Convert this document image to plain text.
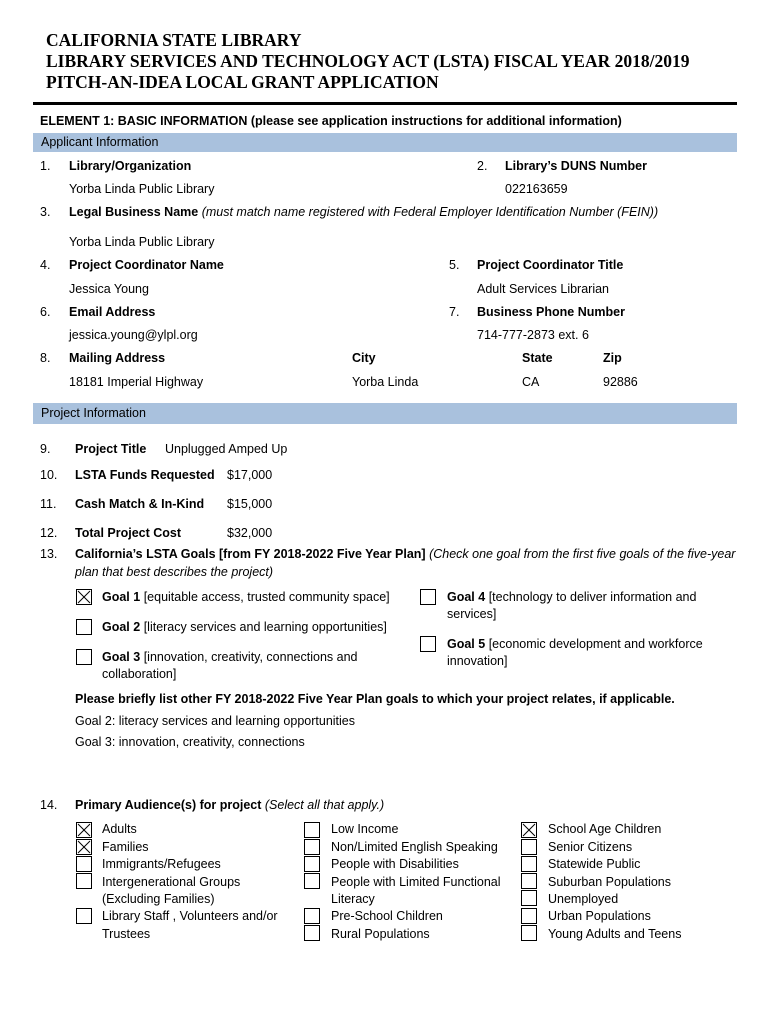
CALIFORNIA STATE LIBRARY
LIBRARY SERVICES AND TECHNOLOGY ACT (LSTA) FISCAL YEAR 2018/2019
PITCH-AN-IDEA LOCAL GRANT APPLICATION
ELEMENT 1: BASIC INFORMATION (please see application instructions for additional information)
Applicant Information
1. Library/Organization
Yorba Linda Public Library
2. Library’s DUNS Number
022163659
3. Legal Business Name (must match name registered with Federal Employer Identification Number (FEIN))
Yorba Linda Public Library
4. Project Coordinator Name
Jessica Young
5. Project Coordinator Title
Adult Services Librarian
6. Email Address
jessica.young@ylpl.org
7. Business Phone Number
714-777-2873 ext. 6
8. Mailing Address
18181 Imperial Highway
City
Yorba Linda
State
CA
Zip
92886
Project Information
9. Project Title Unplugged Amped Up
10. LSTA Funds Requested $17,000
11. Cash Match & In-Kind $15,000
12. Total Project Cost	$32,000
13. California’s LSTA Goals [from FY 2018-2022 Five Year Plan] (Check one goal from the first five goals of the five-year
plan that best describes the project)
Goal 1 [equitable access, trusted community space]
Goal 2 [literacy services and learning opportunities]
Goal 3 [innovation, creativity, connections and
collaboration]
Goal 4 [technology to deliver information and
services]
Goal 5 [economic development and workforce
innovation]
Please briefly list other FY 2018-2022 Five Year Plan goals to which your project relates, if applicable.
Goal 2: literacy services and learning opportunities
Goal 3: innovation, creativity, connections
14. Primary Audience(s) for project (Select all that apply.)
Adults
Families
Immigrants/Refugees
Intergenerational Groups
(Excluding Families)
Library Staff , Volunteers and/or
Trustees
Low Income
Non/Limited English Speaking
People with Disabilities
People with Limited Functional
Literacy
Pre-School Children
Rural Populations
School Age Children
Senior Citizens
Statewide Public
Suburban Populations
Unemployed
Urban Populations
Young Adults and Teens
